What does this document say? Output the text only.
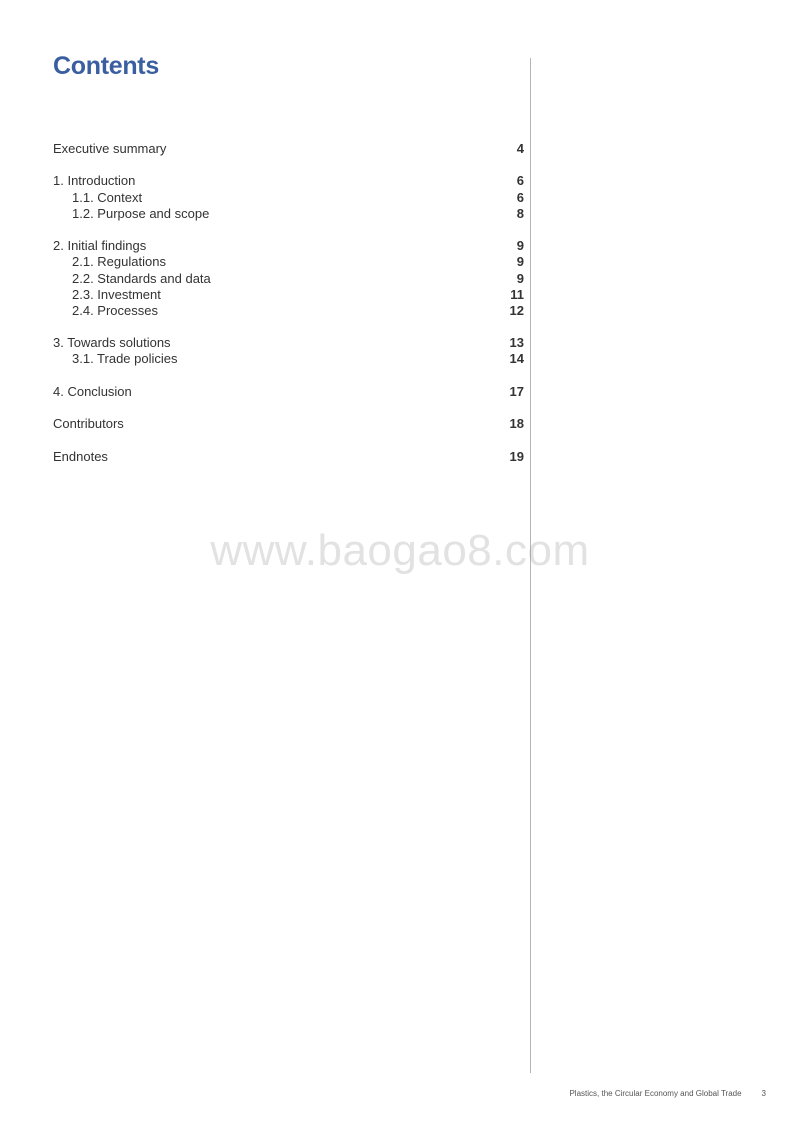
Contents
Executive summary	4
1. Introduction	6
1.1. Context	6
1.2. Purpose and scope	8
2. Initial findings	9
2.1. Regulations	9
2.2. Standards and data	9
2.3. Investment	11
2.4. Processes	12
3. Towards solutions	13
3.1. Trade policies	14
4. Conclusion	17
Contributors	18
Endnotes	19
www.baogao8.com
Plastics, the Circular Economy and Global Trade	3
